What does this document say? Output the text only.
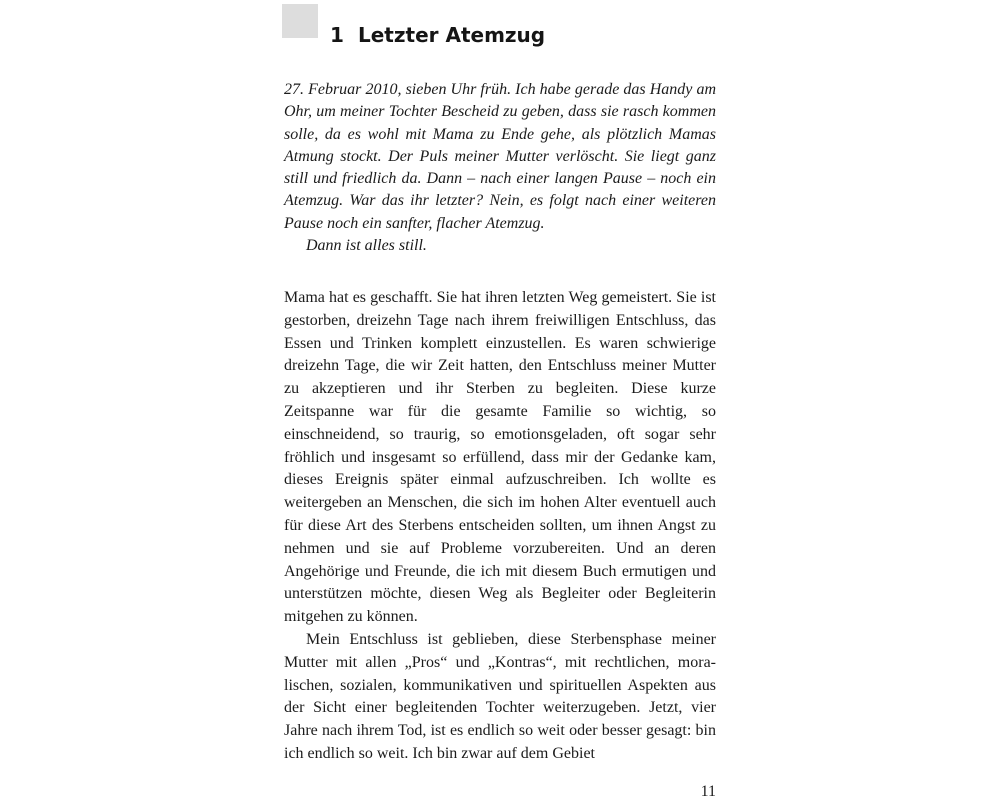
1 Letzter Atemzug

27. Februar 2010, sieben Uhr früh. Ich habe gerade das Handy am Ohr, um meiner Tochter Bescheid zu geben, dass sie rasch kommen solle, da es wohl mit Mama zu Ende gehe, als plötzlich Mamas Atmung stockt. Der Puls meiner Mutter verlöscht. Sie liegt ganz still und friedlich da. Dann – nach einer langen Pause – noch ein Atemzug. War das ihr letzter? Nein, es folgt nach einer weiteren Pause noch ein sanfter, flacher Atemzug.

Dann ist alles still.

Mama hat es geschafft. Sie hat ihren letzten Weg gemeistert. Sie ist gestorben, dreizehn Tage nach ihrem freiwilligen Entschluss, das Essen und Trinken komplett einzustellen. Es waren schwierige dreizehn Tage, die wir Zeit hatten, den Entschluss meiner Mutter zu akzeptieren und ihr Sterben zu begleiten. Diese kurze Zeitspanne war für die gesamte Familie so wichtig, so einschneidend, so traurig, so emotionsgeladen, oft sogar sehr fröhlich und insgesamt so erfüllend, dass mir der Gedanke kam, dieses Ereignis später einmal aufzuschreiben. Ich wollte es weitergeben an Menschen, die sich im hohen Alter eventuell auch für diese Art des Sterbens entscheiden sollten, um ihnen Angst zu nehmen und sie auf Probleme vorzubereiten. Und an deren Angehörige und Freunde, die ich mit diesem Buch ermutigen und unterstützen möchte, diesen Weg als Begleiter oder Begleiterin mitgehen zu können.

Mein Entschluss ist geblieben, diese Sterbensphase meiner Mutter mit allen „Pros“ und „Kontras“, mit rechtlichen, moralischen, sozialen, kommunikativen und spirituellen Aspekten aus der Sicht einer begleitenden Tochter weiterzugeben. Jetzt, vier Jahre nach ihrem Tod, ist es endlich so weit oder besser gesagt: bin ich endlich so weit. Ich bin zwar auf dem Gebiet

11
